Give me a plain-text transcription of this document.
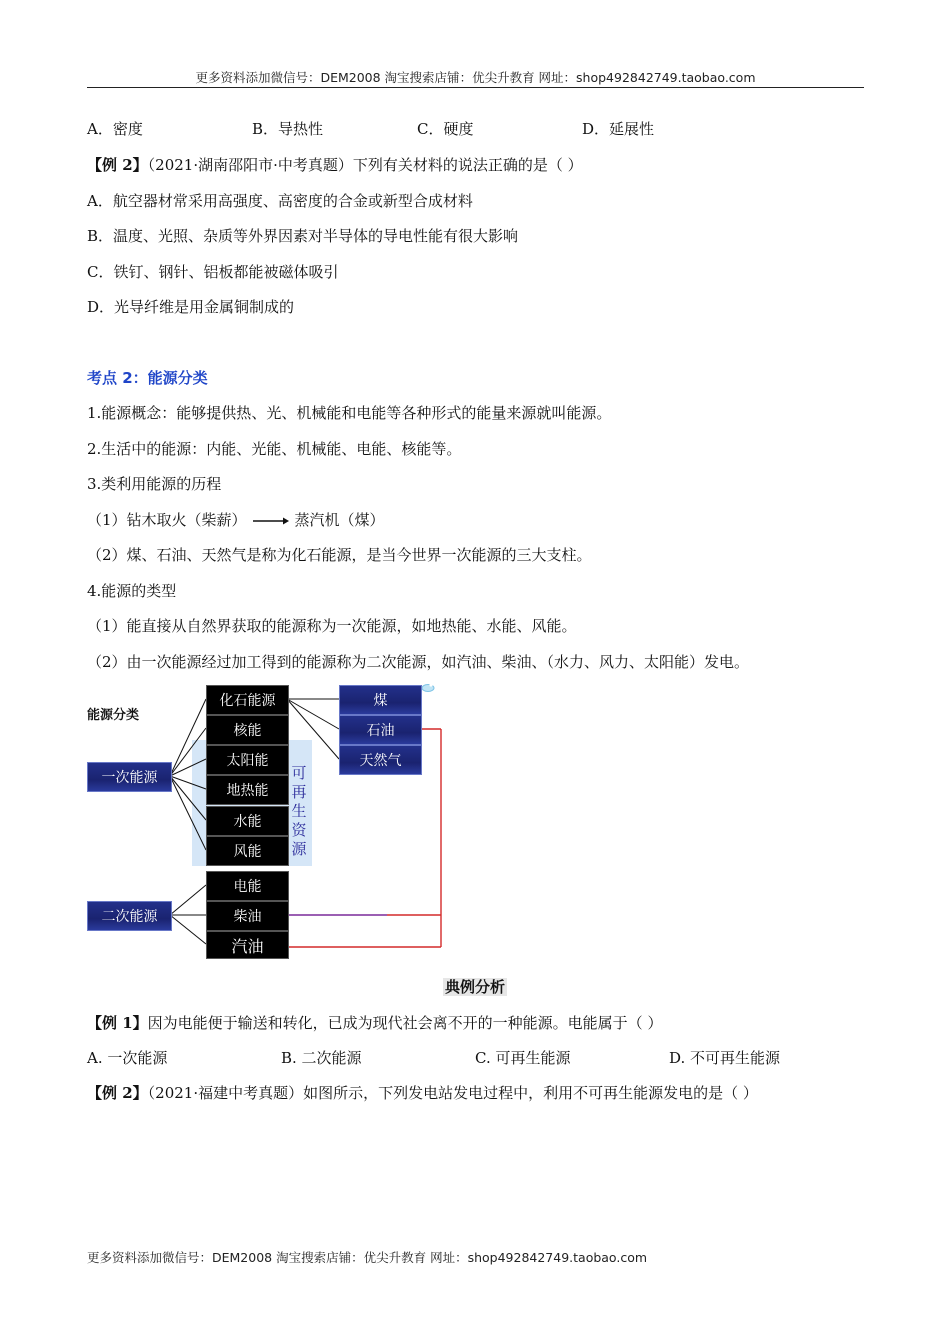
更多资料添加微信号：DEM2008 淘宝搜索店铺：优尖升教育 网址：shop492842749.taobao.com
A．密度	B．导热性	C．硬度	D．延展性
【例 2】（2021·湖南邵阳市·中考真题）下列有关材料的说法正确的是（ ）
A．航空器材常采用高强度、高密度的合金或新型合成材料
B．温度、光照、杂质等外界因素对半导体的导电性能有很大影响
C．铁钉、钢针、铝板都能被磁体吸引
D．光导纤维是用金属铜制成的
考点 2：能源分类
1.能源概念：能够提供热、光、机械能和电能等各种形式的能量来源就叫能源。
2.生活中的能源：内能、光能、机械能、电能、核能等。
3.类利用能源的历程
（1）钻木取火（柴薪）	蒸汽机（煤）
（2）煤、石油、天然气是称为化石能源，是当今世界一次能源的三大支柱。
4.能源的类型
（1）能直接从自然界获取的能源称为一次能源，如地热能、水能、风能。
（2）由一次能源经过加工得到的能源称为二次能源，如汽油、柴油、（水力、风力、太阳能）发电。
能源分类
可
再
生
资
源
一次能源
二次能源
化石能源
核能
太阳能
地热能
水能
风能
煤
石油
天然气
电能
柴油
汽油
典例分析
【例 1】因为电能便于输送和转化，已成为现代社会离不开的一种能源。电能属于（ ）
A. 一次能源	B. 二次能源	C. 可再生能源	D. 不可再生能源
【例 2】（2021·福建中考真题）如图所示，下列发电站发电过程中，利用不可再生能源发电的是（ ）
更多资料添加微信号：DEM2008 淘宝搜索店铺：优尖升教育 网址：shop492842749.taobao.com
